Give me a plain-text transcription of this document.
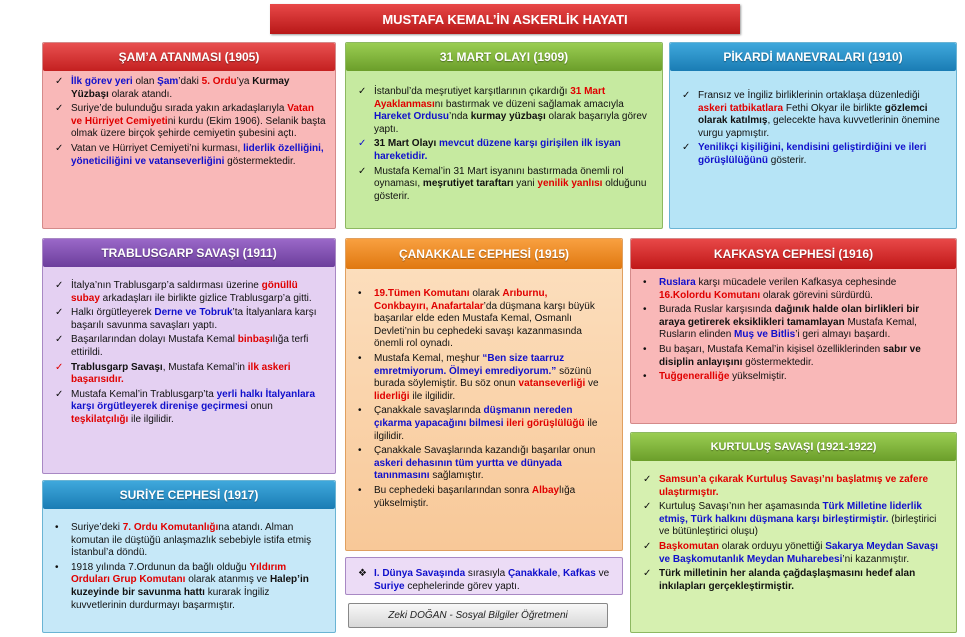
MUSTAFA KEMAL’İN ASKERLİK HAYATI
ŞAM’A ATANMASI (1905)
✓ İlk görev yeri olan Şam’daki 5. Ordu’ya Kurmay Yüzbaşı olarak atandı.
✓ Suriye’de bulunduğu sırada yakın arkadaşlarıyla Vatan ve Hürriyet Cemiyetini kurdu (Ekim 1906). Selanik başta olmak üzere birçok şehirde cemiyetin şubesini açtı.
✓ Vatan ve Hürriyet Cemiyeti’ni kurması, liderlik özelliğini, yöneticiliğini ve vatanseverliğini göstermektedir.
31 MART OLAYI (1909)
✓ İstanbul’da meşrutiyet karşıtlarının çıkardığı 31 Mart Ayaklanmasını bastırmak ve düzeni sağlamak amacıyla Hareket Ordusu’nda kurmay yüzbaşı olarak başarıyla görev yaptı.
✓ 31 Mart Olayı mevcut düzene karşı girişilen ilk isyan hareketidir.
✓ Mustafa Kemal’in 31 Mart isyanını bastırmada önemli rol oynaması, meşrutiyet taraftarı yani yenilik yanlısı olduğunu gösterir.
PİKARDİ MANEVRALARI (1910)
✓ Fransız ve İngiliz birliklerinin ortaklaşa düzenlediği askeri tatbikatlara Fethi Okyar ile birlikte gözlemci olarak katılmış, gelecekte hava kuvvetlerinin önemine vurgu yapmıştır.
✓ Yenilikçi kişiliğini, kendisini geliştirdiğini ve ileri görüşlülüğünü gösterir.
TRABLUSGARP SAVAŞI (1911)
✓ İtalya’nın Trablusgarp’a saldırması üzerine gönüllü subay arkadaşları ile birlikte gizlice Trablusgarp’a gitti.
✓ Halkı örgütleyerek Derne ve Tobruk’ta İtalyanlara karşı başarılı savunma savaşları yaptı.
✓ Başarılarından dolayı Mustafa Kemal binbaşılığa terfi ettirildi.
✓ Trablusgarp Savaşı, Mustafa Kemal’in ilk askeri başarısıdır.
✓ Mustafa Kemal’in Trablusgarp’ta yerli halkı İtalyanlara karşı örgütleyerek direnişe geçirmesi onun teşkilatçılığı ile ilgilidir.
ÇANAKKALE CEPHESİ (1915)
• 19.Tümen Komutanı olarak Arıburnu, Conkbayırı, Anafartalar’da düşmana karşı büyük başarılar elde eden Mustafa Kemal, Osmanlı Devleti’nin bu cephedeki savaşı kazanmasında önemli rol oynadı.
• Mustafa Kemal, meşhur “Ben size taarruz emretmiyorum. Ölmeyi emrediyorum.” sözünü burada söylemiştir. Bu söz onun vatanseverliği ve liderliği ile ilgilidir.
• Çanakkale savaşlarında düşmanın nereden çıkarma yapacağını bilmesi ileri görüşlülüğü ile ilgilidir.
• Çanakkale Savaşlarında kazandığı başarılar onun askeri dehasının tüm yurtta ve dünyada tanınmasını sağlamıştır.
• Bu cephedeki başarılarından sonra Albaylığa yükselmiştir.
KAFKASYA CEPHESİ (1916)
• Ruslara karşı mücadele verilen Kafkasya cephesinde 16.Kolordu Komutanı olarak görevini sürdürdü.
• Burada Ruslar karşısında dağınık halde olan birlikleri bir araya getirerek eksiklikleri tamamlayan Mustafa Kemal, Rusların elinden Muş ve Bitlis’i geri almayı başardı.
• Bu başarı, Mustafa Kemal’in kişisel özelliklerinden sabır ve disiplin anlayışını göstermektedir.
• Tuğgeneralliğe yükselmiştir.
SURİYE CEPHESİ (1917)
• Suriye’deki 7. Ordu Komutanlığına atandı. Alman komutan ile düştüğü anlaşmazlık sebebiyle istifa etmiş İstanbul’a döndü.
• 1918 yılında 7.Ordunun da bağlı olduğu Yıldırım Orduları Grup Komutanı olarak atanmış ve Halep’in kuzeyinde bir savunma hattı kurarak İngiliz kuvvetlerinin durdurmayı başarmıştır.
❖ I. Dünya Savaşında sırasıyla Çanakkale, Kafkas ve Suriye cephelerinde görev yaptı.
Zeki DOĞAN - Sosyal Bilgiler Öğretmeni
KURTULUŞ SAVAŞI (1921-1922)
✓ Samsun’a çıkarak Kurtuluş Savaşı’nı başlatmış ve zafere ulaştırmıştır.
✓ Kurtuluş Savaşı’nın her aşamasında Türk Milletine liderlik etmiş, Türk halkını düşmana karşı birleştirmiştir. (birleştirici ve bütünleştirici oluşu)
✓ Başkomutan olarak orduyu yönettiği Sakarya Meydan Savaşı ve Başkomutanlık Meydan Muharebesi’ni kazanmıştır.
✓ Türk milletinin her alanda çağdaşlaşmasını hedef alan inkılapları gerçekleştirmiştir.
